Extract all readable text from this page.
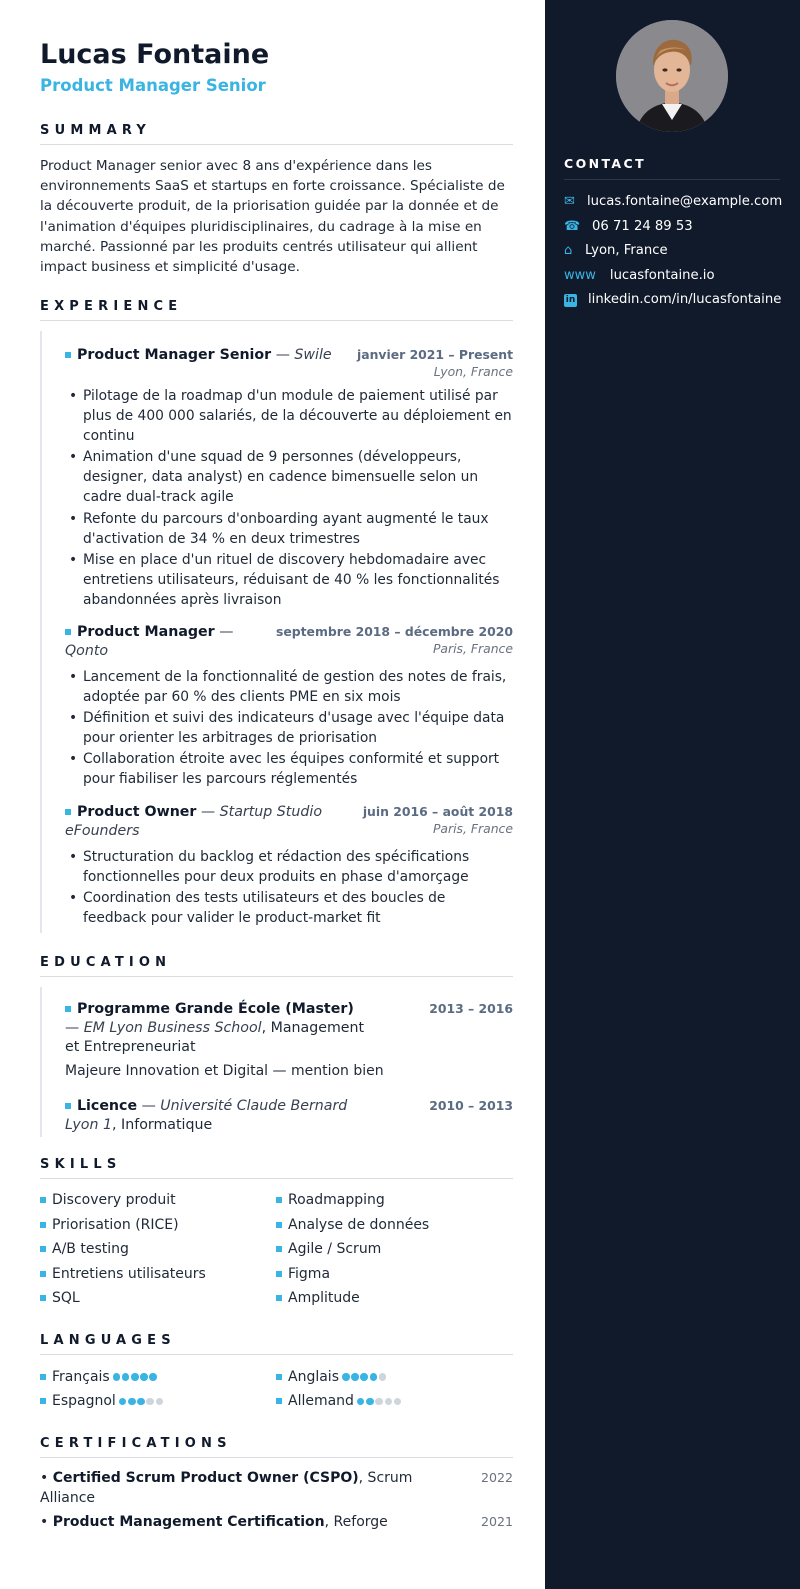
Lucas Fontaine
Product Manager Senior
SUMMARY
Product Manager senior avec 8 ans d'expérience dans les environnements SaaS et startups en forte croissance. Spécialiste de la découverte produit, de la priorisation guidée par la donnée et de l'animation d'équipes pluridisciplinaires, du cadrage à la mise en marché. Passionné par les produits centrés utilisateur qui allient impact business et simplicité d'usage.
EXPERIENCE
Product Manager Senior — Swile janvier 2021 – Present
Lyon, France
• Pilotage de la roadmap d'un module de paiement utilisé par plus de 400 000 salariés, de la découverte au déploiement en continu
• Animation d'une squad de 9 personnes (développeurs, designer, data analyst) en cadence bimensuelle selon un cadre dual-track agile
• Refonte du parcours d'onboarding ayant augmenté le taux d'activation de 34 % en deux trimestres
• Mise en place d'un rituel de discovery hebdomadaire avec entretiens utilisateurs, réduisant de 40 % les fonctionnalités abandonnées après livraison
Product Manager — Qonto
septembre 2018 – décembre 2020
Paris, France
• Lancement de la fonctionnalité de gestion des notes de frais, adoptée par 60 % des clients PME en six mois
• Définition et suivi des indicateurs d'usage avec l'équipe data pour orienter les arbitrages de priorisation
• Collaboration étroite avec les équipes conformité et support pour fiabiliser les parcours réglementés
Product Owner — Startup Studio eFounders
juin 2016 – août 2018
Paris, France
• Structuration du backlog et rédaction des spécifications fonctionnelles pour deux produits en phase d'amorçage
• Coordination des tests utilisateurs et des boucles de feedback pour valider le product-market fit
EDUCATION
Programme Grande École (Master) — EM Lyon Business School, Management et Entrepreneuriat
2013 – 2016
Majeure Innovation et Digital — mention bien
Licence — Université Claude Bernard Lyon 1, Informatique
2010 – 2013
SKILLS
Discovery produit	Roadmapping
Priorisation (RICE)	Analyse de données
A/B testing	Agile / Scrum
Entretiens utilisateurs	Figma
SQL	Amplitude
LANGUAGES
Français	Anglais
Espagnol	Allemand
CERTIFICATIONS
• Certified Scrum Product Owner (CSPO), Scrum Alliance
2022
• Product Management Certification, Reforge	2021
CONTACT
✉ lucas.fontaine@example.com
☎ 06 71 24 89 53
⌂ Lyon, France
www lucasfontaine.io
in linkedin.com/in/lucasfontaine
